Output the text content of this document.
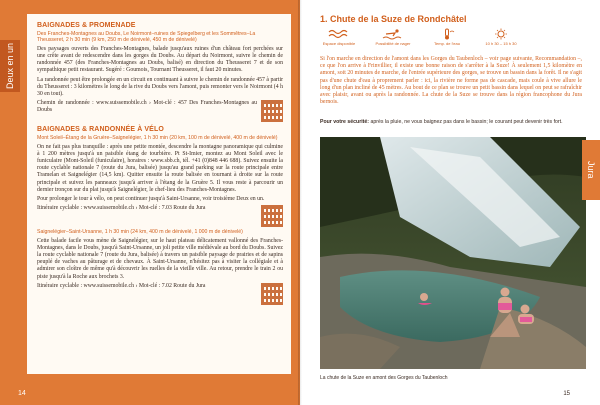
Deux en un
BAIGNADES & PROMENADE
Des Franches-Montagnes au Doubs, Le Noirmont–ruines de Spiegelberg et les Sommêtres–La Theusseret, 2 h 30 min (9 km, 250 m de dénivelé, 450 m de dénivelé)

Des paysages ouverts des Franches-Montagnes, balade jusqu'aux ruines d'un château fort perchées sur une crête avant de redescendre dans les gorges du Doubs. Au départ du Noirmont, suivre le chemin de randonnée 457 (des Franches-Montagnes au Doubs, balisé) en direction du Theusseret 7 et de son sympathique petit restaurant. Sugéré : Goumois, Tournant Theusseret, il faut 20 minutes.

La randonnée peut être prolongée en un circuit en continuant à suivre le chemin de randonnée 457 à partir du Theusseret : 3 kilomètres le long de la rive du Doubs vers l'amont, puis remonter vers le Noirmont (4 h 30 en tout).

Chemin de randonnée : www.suissemobile.ch › Mot-clé : 457 Des Franches-Montagnes au Doubs

BAIGNADES & RANDONNÉE À VÉLO
Mont Soleil–Étang de la Gruère–Saignelégier, 1 h 30 min (20 km, 100 m de dénivelé, 400 m de dénivelé)

On ne fait pas plus tranquille : après une petite montée, descendre la montagne panoramique qui culmine à 1 200 mètres jusqu'à un paisible étang de tourbière. Pt St-Imier, montez au Mont Soleil avec le funiculaire (Mont-Soleil (funiculaire), horaires : www.sbb.ch, tél. +41 (0)848 446 688). Suivez ensuite la route cyclable nationale 7 (route du Jura, balisée) jusqu'au grand parking sur la route principale entre Tramelan et Saignelégier (14,5 km). Quitter ensuite la route balisée en tournant à droite sur la route principale et suivez les panneaux jusqu'à arriver à l'étang de la Gruère 5. Il vous reste à parcourir un dernier tronçon sur du plat jusqu'à Saignelégier, le chef-lieu des Franches-Montagnes.

Pour prolonger le tour à vélo, on peut continuer jusqu'à Saint-Ursanne, voir troisième Deux en un.

Itinéraire cyclable : www.suissemobile.ch › Mot-clé : 7.03 Route du Jura

Saignelégier–Saint-Ursanne, 1 h 30 min (24 km, 400 m de dénivelé, 1 000 m de dénivelé)

Cette balade facile vous mène de Saignelégier, sur le haut plateau délicatement vallonné des Franches-Montagnes, dans le Doubs, jusqu'à Saint-Ursanne, un joli petite ville médiévale au bord du Doubs. Suivez la route cyclable nationale 7 (route du Jura, balisée) à travers un paisible paysage de prairies et de sapins peuplé de vaches au pâturage et de chevaux. À Saint-Ursanne, n'hésitez pas à visiter la collégiale et à admirer son cloître de même qu'à découvrir les ruelles de la vieille ville. Au retour, prendre le train 2 ou piste jusqu'à la Roche aux brochets 3.

Itinéraire cyclable : www.suissemobile.ch › Mot-clé : 7.02 Route du Jura

14
1. Chute de la Suze de Rondchâtel
Espace disponible	Possibilité de nager	Temp. de l'eau	10 h 30 – 15 h 30

Si l'on marche en direction de l'amont dans les Gorges du Taubenloch – voir page suivante, Recommandation –, ce que l'on arrive à Frinvillier, il existe une bonne raison de s'arrêter à la Suze! À seulement 1,5 kilomètre en amont, soit 20 minutes de marche, de l'entrée supérieure des gorges, se trouve un bassin dans la forêt. Il ne s'agit pas d'une chute d'eau à proprement parler : ici, la rivière ne forme pas de cascade, mais coule à vive allure le long d'un plan incliné de 45 mètres. Au bout de ce plan se trouve un petit bassin dans lequel on peut se rafraîchir avec plaisir, avant ou après la randonnée. La chute de la Suze se trouve dans la région francophone du Jura bernois.

Pour votre sécurité: après la pluie, ne vous baignez pas dans le bassin; le courant peut devenir très fort.

La chute de la Suze en amont des Gorges du Taubenloch
Jura
15
